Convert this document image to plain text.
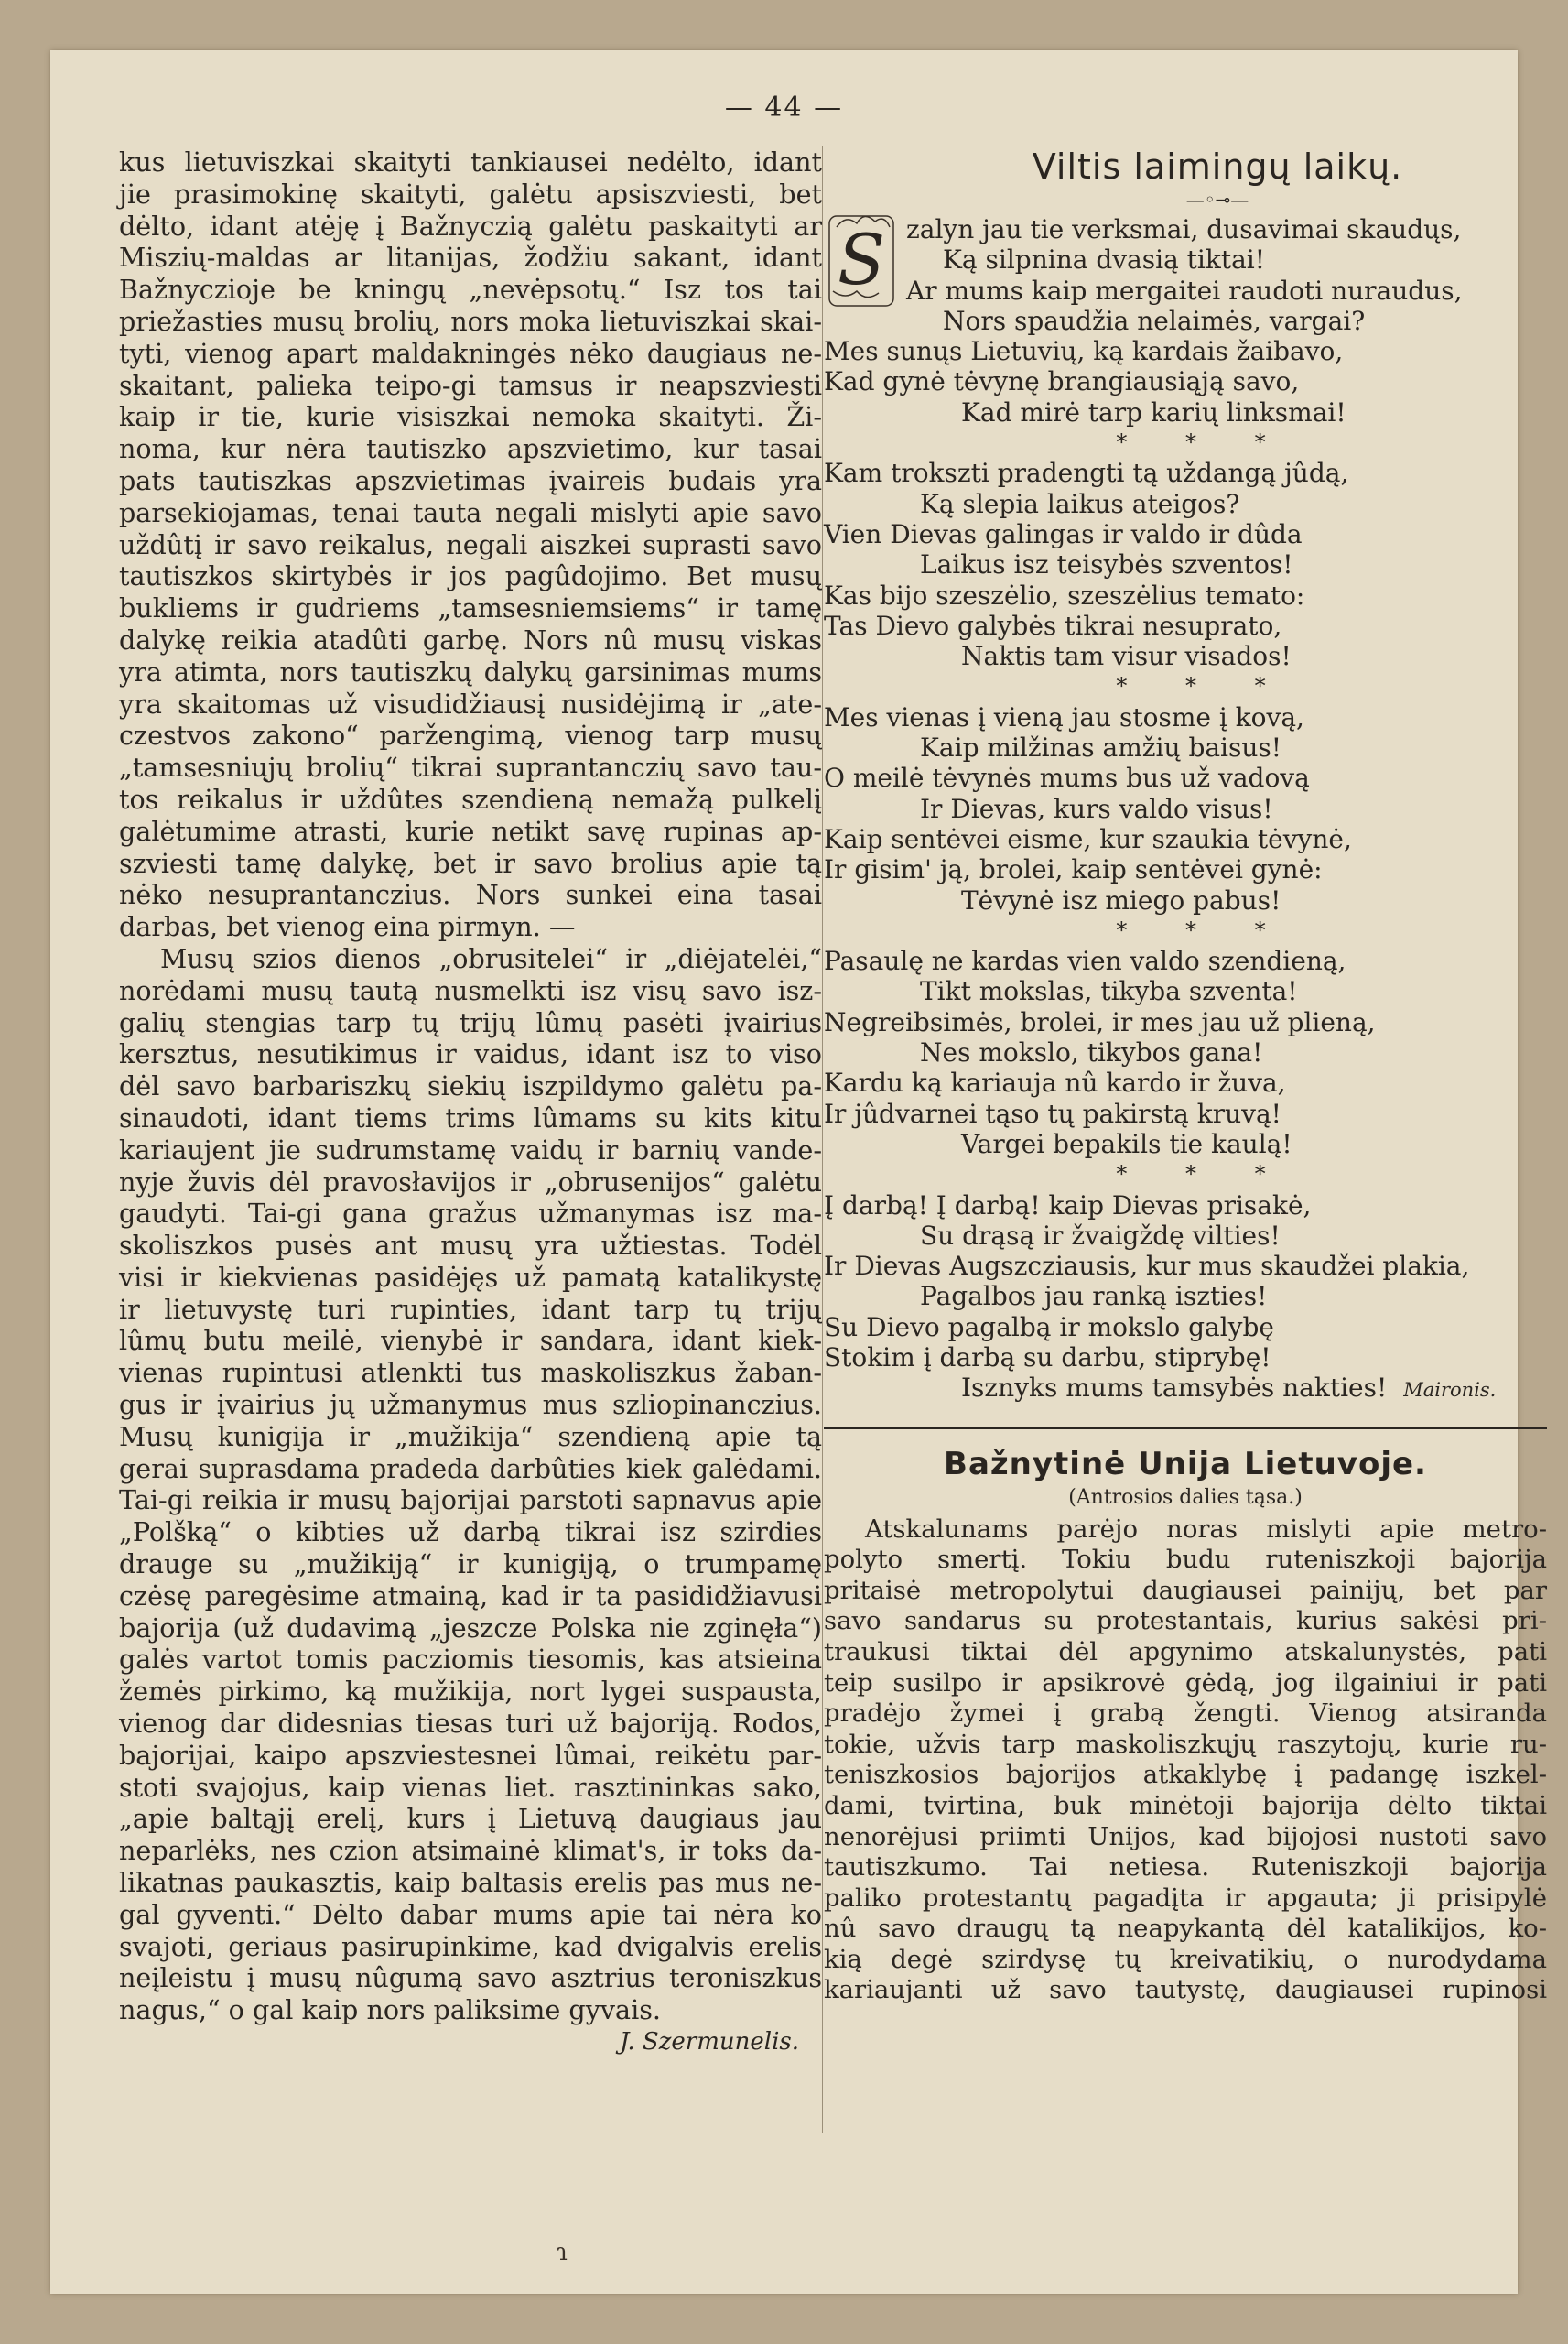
— 44 —

kus lietuviszkai skaityti tankiausei nedėlto, idant
jie prasimokinę skaityti, galėtu apsiszviesti, bet
dėlto, idant atėję į Bažnyczią galėtu paskaityti ar
Miszių-maldas ar litanijas, žodžiu sakant, idant
Bažnyczioje be kningų „nevėpsotų.“ Isz tos tai
priežasties musų brolių, nors moka lietuviszkai skai-
tyti, vienog apart maldakningės nėko daugiaus ne-
skaitant, palieka teipo-gi tamsus ir neapszviesti
kaip ir tie, kurie visiszkai nemoka skaityti. Ži-
noma, kur nėra tautiszko apszvietimo, kur tasai
pats tautiszkas apszvietimas įvaireis budais yra
parsekiojamas, tenai tauta negali mislyti apie savo
uždûtį ir savo reikalus, negali aiszkei suprasti savo
tautiszkos skirtybės ir jos pagûdojimo. Bet musų
bukliems ir gudriems „tamsesniemsiems“ ir tamę
dalykę reikia atadûti garbę. Nors nû musų viskas
yra atimta, nors tautiszkų dalykų garsinimas mums
yra skaitomas už visudidžiausį nusidėjimą ir „ate-
czestvos zakono“ paržengimą, vienog tarp musų
„tamsesniųjų brolių“ tikrai suprantanczių savo tau-
tos reikalus ir uždûtes szendieną nemažą pulkelį
galėtumime atrasti, kurie netikt savę rupinas ap-
szviesti tamę dalykę, bet ir savo brolius apie tą
nėko nesuprantanczius. Nors sunkei eina tasai
darbas, bet vienog eina pirmyn. —
Musų szios dienos „obrusitelei“ ir „diėjatelėi,“
norėdami musų tautą nusmelkti isz visų savo isz-
galių stengias tarp tų trijų lûmų pasėti įvairius
kersztus, nesutikimus ir vaidus, idant isz to viso
dėl savo barbariszkų siekių iszpildymo galėtu pa-
sinaudoti, idant tiems trims lûmams su kits kitu
kariaujent jie sudrumstamę vaidų ir barnių vande-
nyje žuvis dėl pravosłavijos ir „obrusenijos“ galėtu
gaudyti. Tai-gi gana gražus užmanymas isz ma-
skoliszkos pusės ant musų yra užtiestas. Todėl
visi ir kiekvienas pasidėjęs už pamatą katalikystę
ir lietuvystę turi rupinties, idant tarp tų trijų
lûmų butu meilė, vienybė ir sandara, idant kiek-
vienas rupintusi atlenkti tus maskoliszkus žaban-
gus ir įvairius jų užmanymus mus szliopinanczius.
Musų kunigija ir „mužikija“ szendieną apie tą
gerai suprasdama pradeda darbûties kiek galėdami.
Tai-gi reikia ir musų bajorijai parstoti sapnavus apie
„Polšką“ o kibties už darbą tikrai isz szirdies
drauge su „mužikiją“ ir kunigiją, o trumpamę
czėsę paregėsime atmainą, kad ir ta pasididžiavusi
bajorija (už dudavimą „jeszcze Polska nie zginęła“)
galės vartot tomis pacziomis tiesomis, kas atsieina
žemės pirkimo, ką mužikija, nort lygei suspausta,
vienog dar didesnias tiesas turi už bajoriją. Rodos,
bajorijai, kaipo apszviestesnei lûmai, reikėtu par-
stoti svajojus, kaip vienas liet. rasztininkas sako,
„apie baltąjį erelį, kurs į Lietuvą daugiaus jau
neparlėks, nes czion atsimainė klimat's, ir toks da-
likatnas paukasztis, kaip baltasis erelis pas mus ne-
gal gyventi.“ Dėlto dabar mums apie tai nėra ko
svajoti, geriaus pasirupinkime, kad dvigalvis erelis
neįleistu į musų nûgumą savo asztrius teroniszkus
nagus,“ o gal kaip nors paliksime gyvais.

J. Szermunelis.
Viltis laimingų laikų.
—◦⊸—
S zalyn jau tie verksmai, dusavimai skaudųs,
Ką silpnina dvasią tiktai!
Ar mums kaip mergaitei raudoti nuraudus,
Nors spaudžia nelaimės, vargai?
Mes sunųs Lietuvių, ką kardais žaibavo,
Kad gynė tėvynę brangiausiąją savo,
Kad mirė tarp karių linksmai!
* * *
Kam trokszti pradengti tą uždangą jûdą,
Ką slepia laikus ateigos?
Vien Dievas galingas ir valdo ir dûda
Laikus isz teisybės szventos!
Kas bijo szeszėlio, szeszėlius temato:
Tas Dievo galybės tikrai nesuprato,
Naktis tam visur visados!
* * *
Mes vienas į vieną jau stosme į kovą,
Kaip milžinas amžių baisus!
O meilė tėvynės mums bus už vadovą
Ir Dievas, kurs valdo visus!
Kaip sentėvei eisme, kur szaukia tėvynė,
Ir gisim' ją, brolei, kaip sentėvei gynė:
Tėvynė isz miego pabus!
* * *
Pasaulę ne kardas vien valdo szendieną,
Tikt mokslas, tikyba szventa!
Negreibsimės, brolei, ir mes jau už plieną,
Nes mokslo, tikybos gana!
Kardu ką kariauja nû kardo ir žuva,
Ir jûdvarnei tąso tų pakirstą kruvą!
Vargei bepakils tie kaulą!
* * *
Į darbą! Į darbą! kaip Dievas prisakė,
Su drąsą ir žvaigždę vilties!
Ir Dievas Augszcziausis, kur mus skaudžei plakia,
Pagalbos jau ranką iszties!
Su Dievo pagalbą ir mokslo galybę
Stokim į darbą su darbu, stiprybę!
Isznyks mums tamsybės nakties! Maironis.
Bažnytinė Unija Lietuvoje.
(Antrosios dalies tąsa.)

Atskalunams parėjo noras mislyti apie metro-
polyto smertį. Tokiu budu ruteniszkoji bajorija
pritaisė metropolytui daugiausei painijų, bet par
savo sandarus su protestantais, kurius sakėsi pri-
traukusi tiktai dėl apgynimo atskalunystės, pati
teip susilpo ir apsikrovė gėdą, jog ilgainiui ir pati
pradėjo žymei į grabą žengti. Vienog atsiranda
tokie, užvis tarp maskoliszkųjų raszytojų, kurie ru-
teniszkosios bajorijos atkaklybę į padangę iszkel-
dami, tvirtina, buk minėtoji bajorija dėlto tiktai
nenorėjusi priimti Unijos, kad bijojosi nustoti savo
tautiszkumo. Tai netiesa. Ruteniszkoji bajorija
paliko protestantų pagadįta ir apgauta; ji prisipylė
nû savo draugų tą neapykantą dėl katalikijos, ko-
kią degė szirdysę tų kreivatikių, o nurodydama
kariaujanti už savo tautystę, daugiausei rupinosi

ɿ
